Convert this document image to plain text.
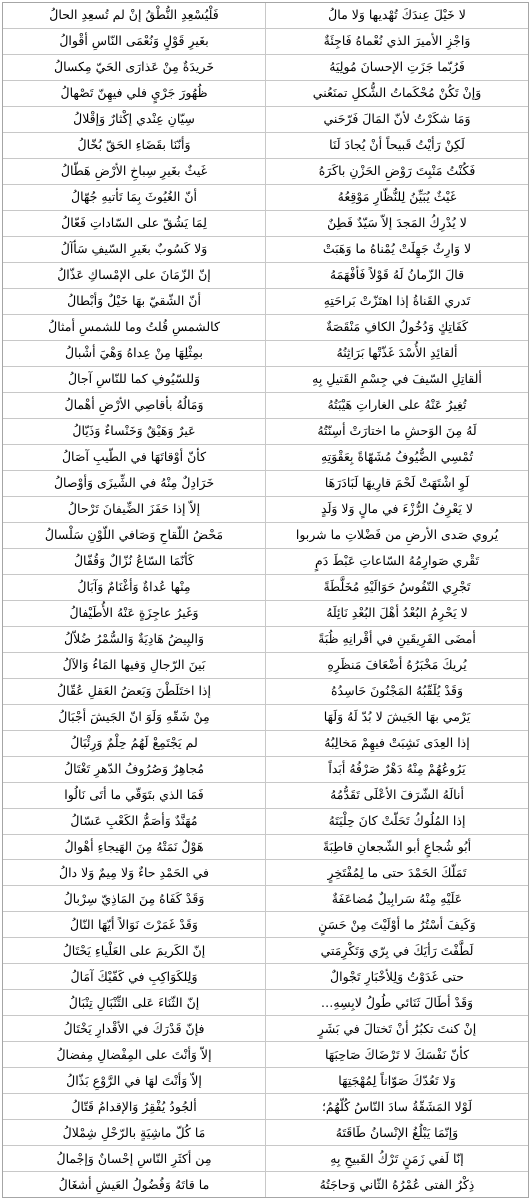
فَلْيُسْعِدِ النُّطْقُ إنْ لم تُسعِدِ الحالُ	لا خَيْلَ عِندَكَ تُهْديها وَلا مالُ
بغَيرِ قَوْلٍ وَنُعْمَى النّاسِ أقْوالُ	وَاجْزِ الأميرَ الذي نُعْماهُ فَاجِئَةٌ
خَريدَةٌ مِنْ عَذارَى الحَيّ مِكسالُ	فَرُبّما جَزَتِ الإحسانَ مُولِيَهُ
ظُهُورَ جَرْيٍ فلي فيهِنّ تَصْهالُ	وَإنْ تَكُنْ مُحْكَماتُ الشُّكلِ تمنَعُني
سِيّانِ عِنْدي إكْثارٌ وَإقْلالُ	وَمَا شكَرْتُ لأنّ المَالَ فَرّحَني
وَأنّنَا بقَضَاءِ الحَقّ بُخّالُ	لَكِنْ رَأيْتُ قَبيحاً أنْ يُجادَ لَنَا
غَيثٌ بغَيرِ سِباخِ الأرْضِ هَطّالُ	فَكُنْتُ مَنْبِتَ رَوْضِ الحَزْنِ باكَرَهُ
أنّ الغُيُوثَ بِمَا تَأتيهِ جُهّالُ	غَيْثٌ يُبَيِّنُ لِلنُّظّارِ مَوْقِعُهُ
لِمَا يَشُقّ على السّاداتِ فَعّالُ	لا يُدْرِكُ المَجدَ إلاّ سَيّدٌ فَطِنٌ
وَلا كَسُوبٌ بغَيرِ السّيفِ سَأآلُ	لا وَارِثٌ جَهِلَتْ يُمْناهُ ما وَهَبَتْ
إنّ الزّمَانَ على الإمْساكِ عَذّالُ	قالَ الزّمانُ لَهُ قَوْلاً فَأفْهَمَهُ
أنّ الشّقيّ بهَا خَيْلٌ وَأبْطالُ	تَدري القَناةُ إذا اهتَزّتْ بَراحَتِهِ
كالشمسِ قُلتُ وما للشمسِ أمثالُ	كَفَاتِكٍ وَدُخُولُ الكافِ مَنْقَصَةٌ
بمِثْلِهَا مِنْ عِداهُ وَهْيَ أشْبالُ	ألقائِدِ الأُسْدَ غَذّتْها بَرَاثِنُهُ
وَللسّيُوفِ كما للنّاسِ آجالُ	ألقاتِلِ السّيفَ في جِسْمِ القَتيلِ بِهِ
وَمَالُهُ بأقاصِي الأرْضِ أهْمالُ	تُغِيرُ عَنْهُ على الغاراتِ هَيْبَتُهُ
عَيرٌ وَهَيْقٌ وَخَنْساءٌ وَذَيّالُ	لَهُ مِنَ الوَحشِ ما اختارَتْ أسِنّتُهُ
كأنّ أوْقاتَهَا في الطّيبِ آصَالُ	تُمْسِي الضُّيُوفُ مُشَهّاةً بِعَقْوَتِهِ
خَرَادِلٌ مِنْهُ في الشِّيزَى وَأوْصالُ	لَوِ اشْتَهَتْ لَحْمَ قارِيهَا لَبَادَرَهَا
إلاّ إذا حَفَزَ الضِّيفانَ تَرْحالُ	لا يَعْرِفُ الرُّزْءَ في مالٍ وَلا وَلَدٍ
مَحْضُ اللّقاحِ وَصَافي اللّوْنِ سَلْسالُ	يُروي صَدى الأرضِ من فَضْلاتِ ما شربوا
كَأنّمَا السّاعُ نُزّالٌ وَقُفّالُ	تَقْري صَوارِمُهُ السّاعاتِ عَبْطَ دَمٍ
مِنْها عُداةٌ وَأغْنَامٌ وَآبَالُ	تَجْرِي النّفُوسُ حَوَالَيْهِ مُخَلَّطَةً
وَغَيرُ عاجِزَةٍ عَنْهُ الأُطَيْفالُ	لا يَحْرِمُ البُعْدُ أهْلَ البُعْدِ نَائِلَهُ
وَالبِيضُ هَادِيَةٌ وَالسُّمْرُ ضُلاّلُ	أمضَى الفَرِيقَينِ في أقْرانِهِ ظُبَةً
بَينَ الرّجالِ وَفيها المَاءُ وَالآلُ	يُريكَ مَخْبَرُهُ أضْعَافَ مَنظَرِهِ
إذا اختَلَطْنَ وَبَعضُ العَقلِ عُقّالُ	وَقَدْ يُلَقّبُهُ المَجْنُونَ حَاسِدُهُ
مِنْ شَقّهِ وَلَوَ انّ الجَيشَ أجْبَالُ	يَرْمي بهَا الجَيشَ لا بُدّ لَهُ وَلَهَا
لم يَجْتَمِعْ لَهُمُ حِلْمٌ وَرِئْبَالُ	إذا العِدَى نَشِبَتْ فيهِمْ مَخالِبُهُ
مُجاهِرٌ وَصُرُوفُ الدّهرِ تَغْتَالُ	يَرُوعُهُمْ مِنْهُ دَهْرٌ صَرْفُهُ أبَداً
فَمَا الذي بتَوَقّي ما أتَى نَالُوا	أنالَهُ الشّرَفَ الأعْلَى تَقَدُّمُهُ
مُهَنَّدٌ وَأصَمُّ الكَعْبِ عَسّالُ	إذا المُلُوكُ تَحَلّتْ كانَ حِلْيَتَهُ
هَوْلٌ نَمَتْهُ مِنَ الهَيجاءِ أهْوالُ	أبُو شُجاعٍ أبو الشّجعانِ قاطِبَةً
في الحَمْدِ حاءٌ وَلا مِيمٌ وَلا دالُ	تَمَلّكَ الحَمْدَ حتى ما لِمُفْتَخِرٍ
وَقَدْ كَفَاهُ مِنَ المَاذِيّ سِرْبالُ	عَلَيْهِ مِنْهُ سَرابِيلٌ مُضاعَفَةٌ
وَقَدْ غَمَرْتَ نَوَالاً أيّهَا النّالُ	وَكَيفَ أسْتُرُ ما أوْلَيْتَ مِنْ حَسَنٍ
إنّ الكَريمَ على العَلْياءِ يَحْتَالُ	لَطَّفْتَ رَأيَكَ في بِرّي وَتَكْرِمَتي
وَلِلكَوَاكِبِ في كَفّيْكَ آمَالُ	حتى غَدَوْتُ وَلِلأخْبَارِ تَجْوالٌ
إنّ الثّنَاءَ عَلى التِّنْبَالِ تِنْبَالُ	وَقَدْ أطَالَ ثَنَائي طُولُ لابِسِهِ…
فإنّ قَدْرَكَ في الأقْدارِ يَخْتَالُ	إنْ كنتَ تكبُرُ أنْ تَختالَ في بَشَرٍ
إلاّ وَأنْتَ على المِفْضالِ مِفضالُ	كأنّ نَفْسَكَ لا تَرْضَاكَ صَاحِبَهَا
إلاّ وَأنْتَ لهَا في الرَّوْعِ بَذّالُ	وَلا تَعُدّكَ صَوّاناً لِمُهْجَتِهَا
ألجُودُ يُفْقِرُ وَالإقدامُ قَتّالُ	لَوْلا المَشَقّةُ سادَ النّاسُ كُلّهُمُ؛
مَا كُلّ ماشِيَةٍ بالرّحْلِ شِمْلالُ	وَإنّمَا يَبْلُغُ الإنْسانُ طَاقَتَهُ
مِن أكثَرِ النّاسِ إحْسانٌ وَإجْمالُ	إنّا لَفي زَمَنٍ تَرْكُ القَبيحِ بِهِ
ما قاتَهُ وَفُضُولُ العَيشِ أشغَالُ	ذِكْرُ الفتى عُمْرُهُ الثّاني وَحاجَتُهُ
